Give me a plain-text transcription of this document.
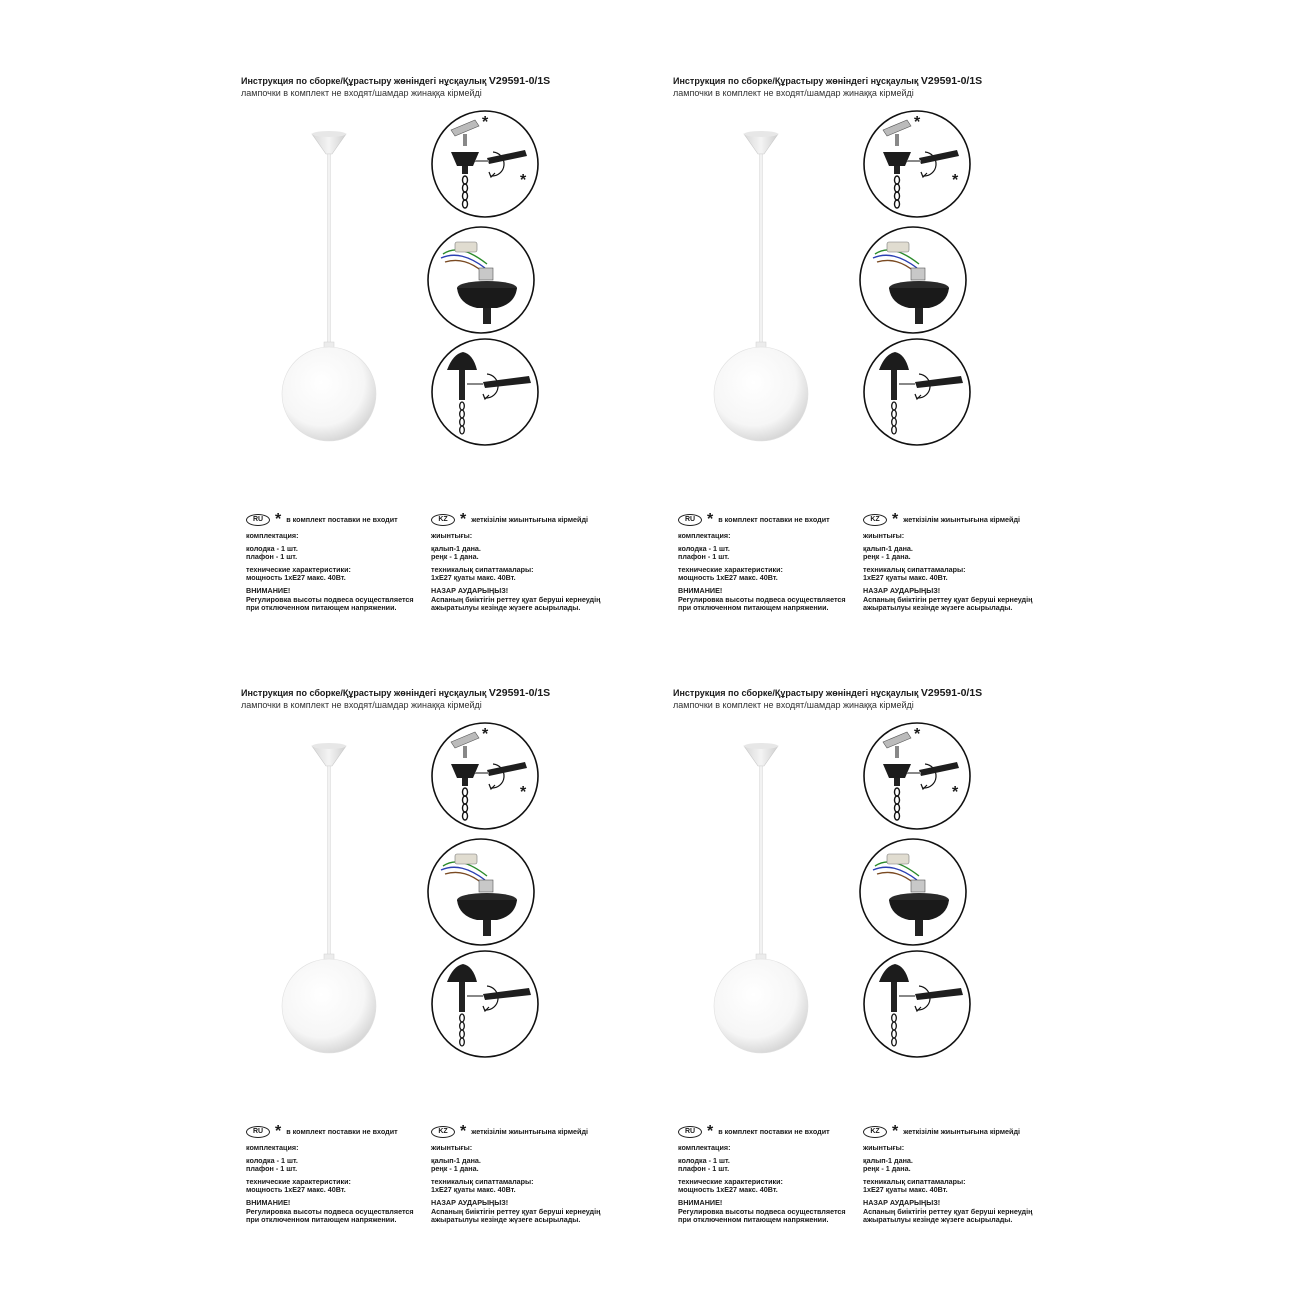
Инструкция по сборке/Құрастыру жөніндегі нұсқаулық V29591-0/1S
лампочки в комплект не входят/шамдар жинаққа кірмейді
*
*
RU * в комплект поставки не входит
комплектация:
колодка - 1 шт.
плафон - 1 шт.
технические характеристики:
мощность 1xE27 макс. 40Вт.
ВНИМАНИЕ!
Регулировка высоты подвеса осуществляется
при отключенном питающем напряжении.
KZ * жеткізілім жиынтығына кірмейді
жиынтығы:
қалып-1 дана.
реңк - 1 дана.
техникалық сипаттамалары:
1xE27 қуаты макс. 40Вт.
НАЗАР АУДАРЫҢЫЗ!
Аспаның биіктігін реттеу қуат беруші кернеудің
ажыратылуы кезінде жүзеге асырылады.
Инструкция по сборке/Құрастыру жөніндегі нұсқаулық V29591-0/1S
лампочки в комплект не входят/шамдар жинаққа кірмейді
*
*
RU * в комплект поставки не входит
комплектация:
колодка - 1 шт.
плафон - 1 шт.
технические характеристики:
мощность 1xE27 макс. 40Вт.
ВНИМАНИЕ!
Регулировка высоты подвеса осуществляется
при отключенном питающем напряжении.
KZ * жеткізілім жиынтығына кірмейді
жиынтығы:
қалып-1 дана.
реңк - 1 дана.
техникалық сипаттамалары:
1xE27 қуаты макс. 40Вт.
НАЗАР АУДАРЫҢЫЗ!
Аспаның биіктігін реттеу қуат беруші кернеудің
ажыратылуы кезінде жүзеге асырылады.
Инструкция по сборке/Құрастыру жөніндегі нұсқаулық V29591-0/1S
лампочки в комплект не входят/шамдар жинаққа кірмейді
*
*
RU * в комплект поставки не входит
комплектация:
колодка - 1 шт.
плафон - 1 шт.
технические характеристики:
мощность 1xE27 макс. 40Вт.
ВНИМАНИЕ!
Регулировка высоты подвеса осуществляется
при отключенном питающем напряжении.
KZ * жеткізілім жиынтығына кірмейді
жиынтығы:
қалып-1 дана.
реңк - 1 дана.
техникалық сипаттамалары:
1xE27 қуаты макс. 40Вт.
НАЗАР АУДАРЫҢЫЗ!
Аспаның биіктігін реттеу қуат беруші кернеудің
ажыратылуы кезінде жүзеге асырылады.
Инструкция по сборке/Құрастыру жөніндегі нұсқаулық V29591-0/1S
лампочки в комплект не входят/шамдар жинаққа кірмейді
*
*
RU * в комплект поставки не входит
комплектация:
колодка - 1 шт.
плафон - 1 шт.
технические характеристики:
мощность 1xE27 макс. 40Вт.
ВНИМАНИЕ!
Регулировка высоты подвеса осуществляется
при отключенном питающем напряжении.
KZ * жеткізілім жиынтығына кірмейді
жиынтығы:
қалып-1 дана.
реңк - 1 дана.
техникалық сипаттамалары:
1xE27 қуаты макс. 40Вт.
НАЗАР АУДАРЫҢЫЗ!
Аспаның биіктігін реттеу қуат беруші кернеудің
ажыратылуы кезінде жүзеге асырылады.
